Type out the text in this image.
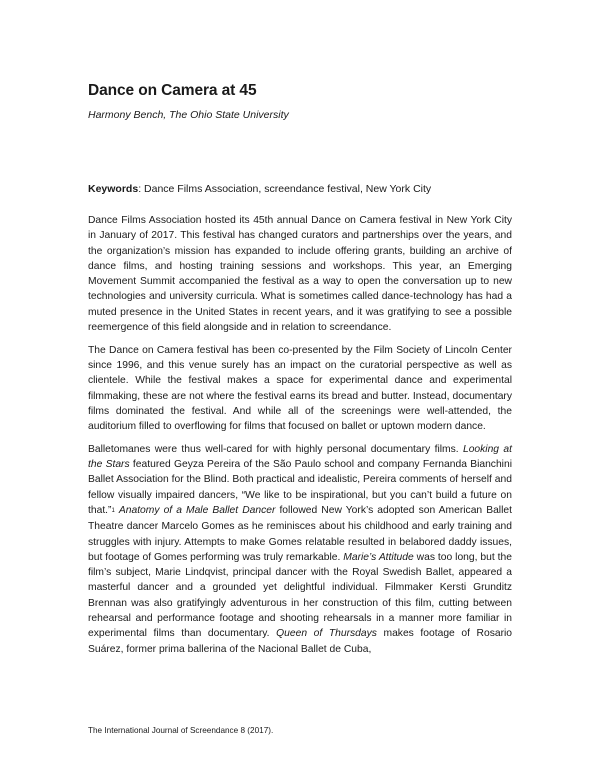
Dance on Camera at 45
Harmony Bench, The Ohio State University
Keywords: Dance Films Association, screendance festival, New York City

Dance Films Association hosted its 45th annual Dance on Camera festival in New York City in January of 2017. This festival has changed curators and partnerships over the years, and the organization’s mission has expanded to include offering grants, building an archive of dance films, and hosting training sessions and workshops. This year, an Emerging Movement Summit accompanied the festival as a way to open the conversation up to new technologies and university curricula. What is sometimes called dance-technology has had a muted presence in the United States in recent years, and it was gratifying to see a possible reemergence of this field alongside and in relation to screendance.

The Dance on Camera festival has been co-presented by the Film Society of Lincoln Center since 1996, and this venue surely has an impact on the curatorial perspective as well as clientele. While the festival makes a space for experimental dance and experimental filmmaking, these are not where the festival earns its bread and butter. Instead, documentary films dominated the festival. And while all of the screenings were well-attended, the auditorium filled to overflowing for films that focused on ballet or uptown modern dance.

Balletomanes were thus well-cared for with highly personal documentary films. Looking at the Stars featured Geyza Pereira of the São Paulo school and company Fernanda Bianchini Ballet Association for the Blind. Both practical and idealistic, Pereira comments of herself and fellow visually impaired dancers, “We like to be inspirational, but you can’t build a future on that.”1 Anatomy of a Male Ballet Dancer followed New York’s adopted son American Ballet Theatre dancer Marcelo Gomes as he reminisces about his childhood and early training and struggles with injury. Attempts to make Gomes relatable resulted in belabored daddy issues, but footage of Gomes performing was truly remarkable. Marie’s Attitude was too long, but the film’s subject, Marie Lindqvist, principal dancer with the Royal Swedish Ballet, appeared a masterful dancer and a grounded yet delightful individual. Filmmaker Kersti Grunditz Brennan was also gratifyingly adventurous in her construction of this film, cutting between rehearsal and performance footage and shooting rehearsals in a manner more familiar in experimental films than documentary. Queen of Thursdays makes footage of Rosario Suárez, former prima ballerina of the Nacional Ballet de Cuba,

The International Journal of Screendance 8 (2017).
